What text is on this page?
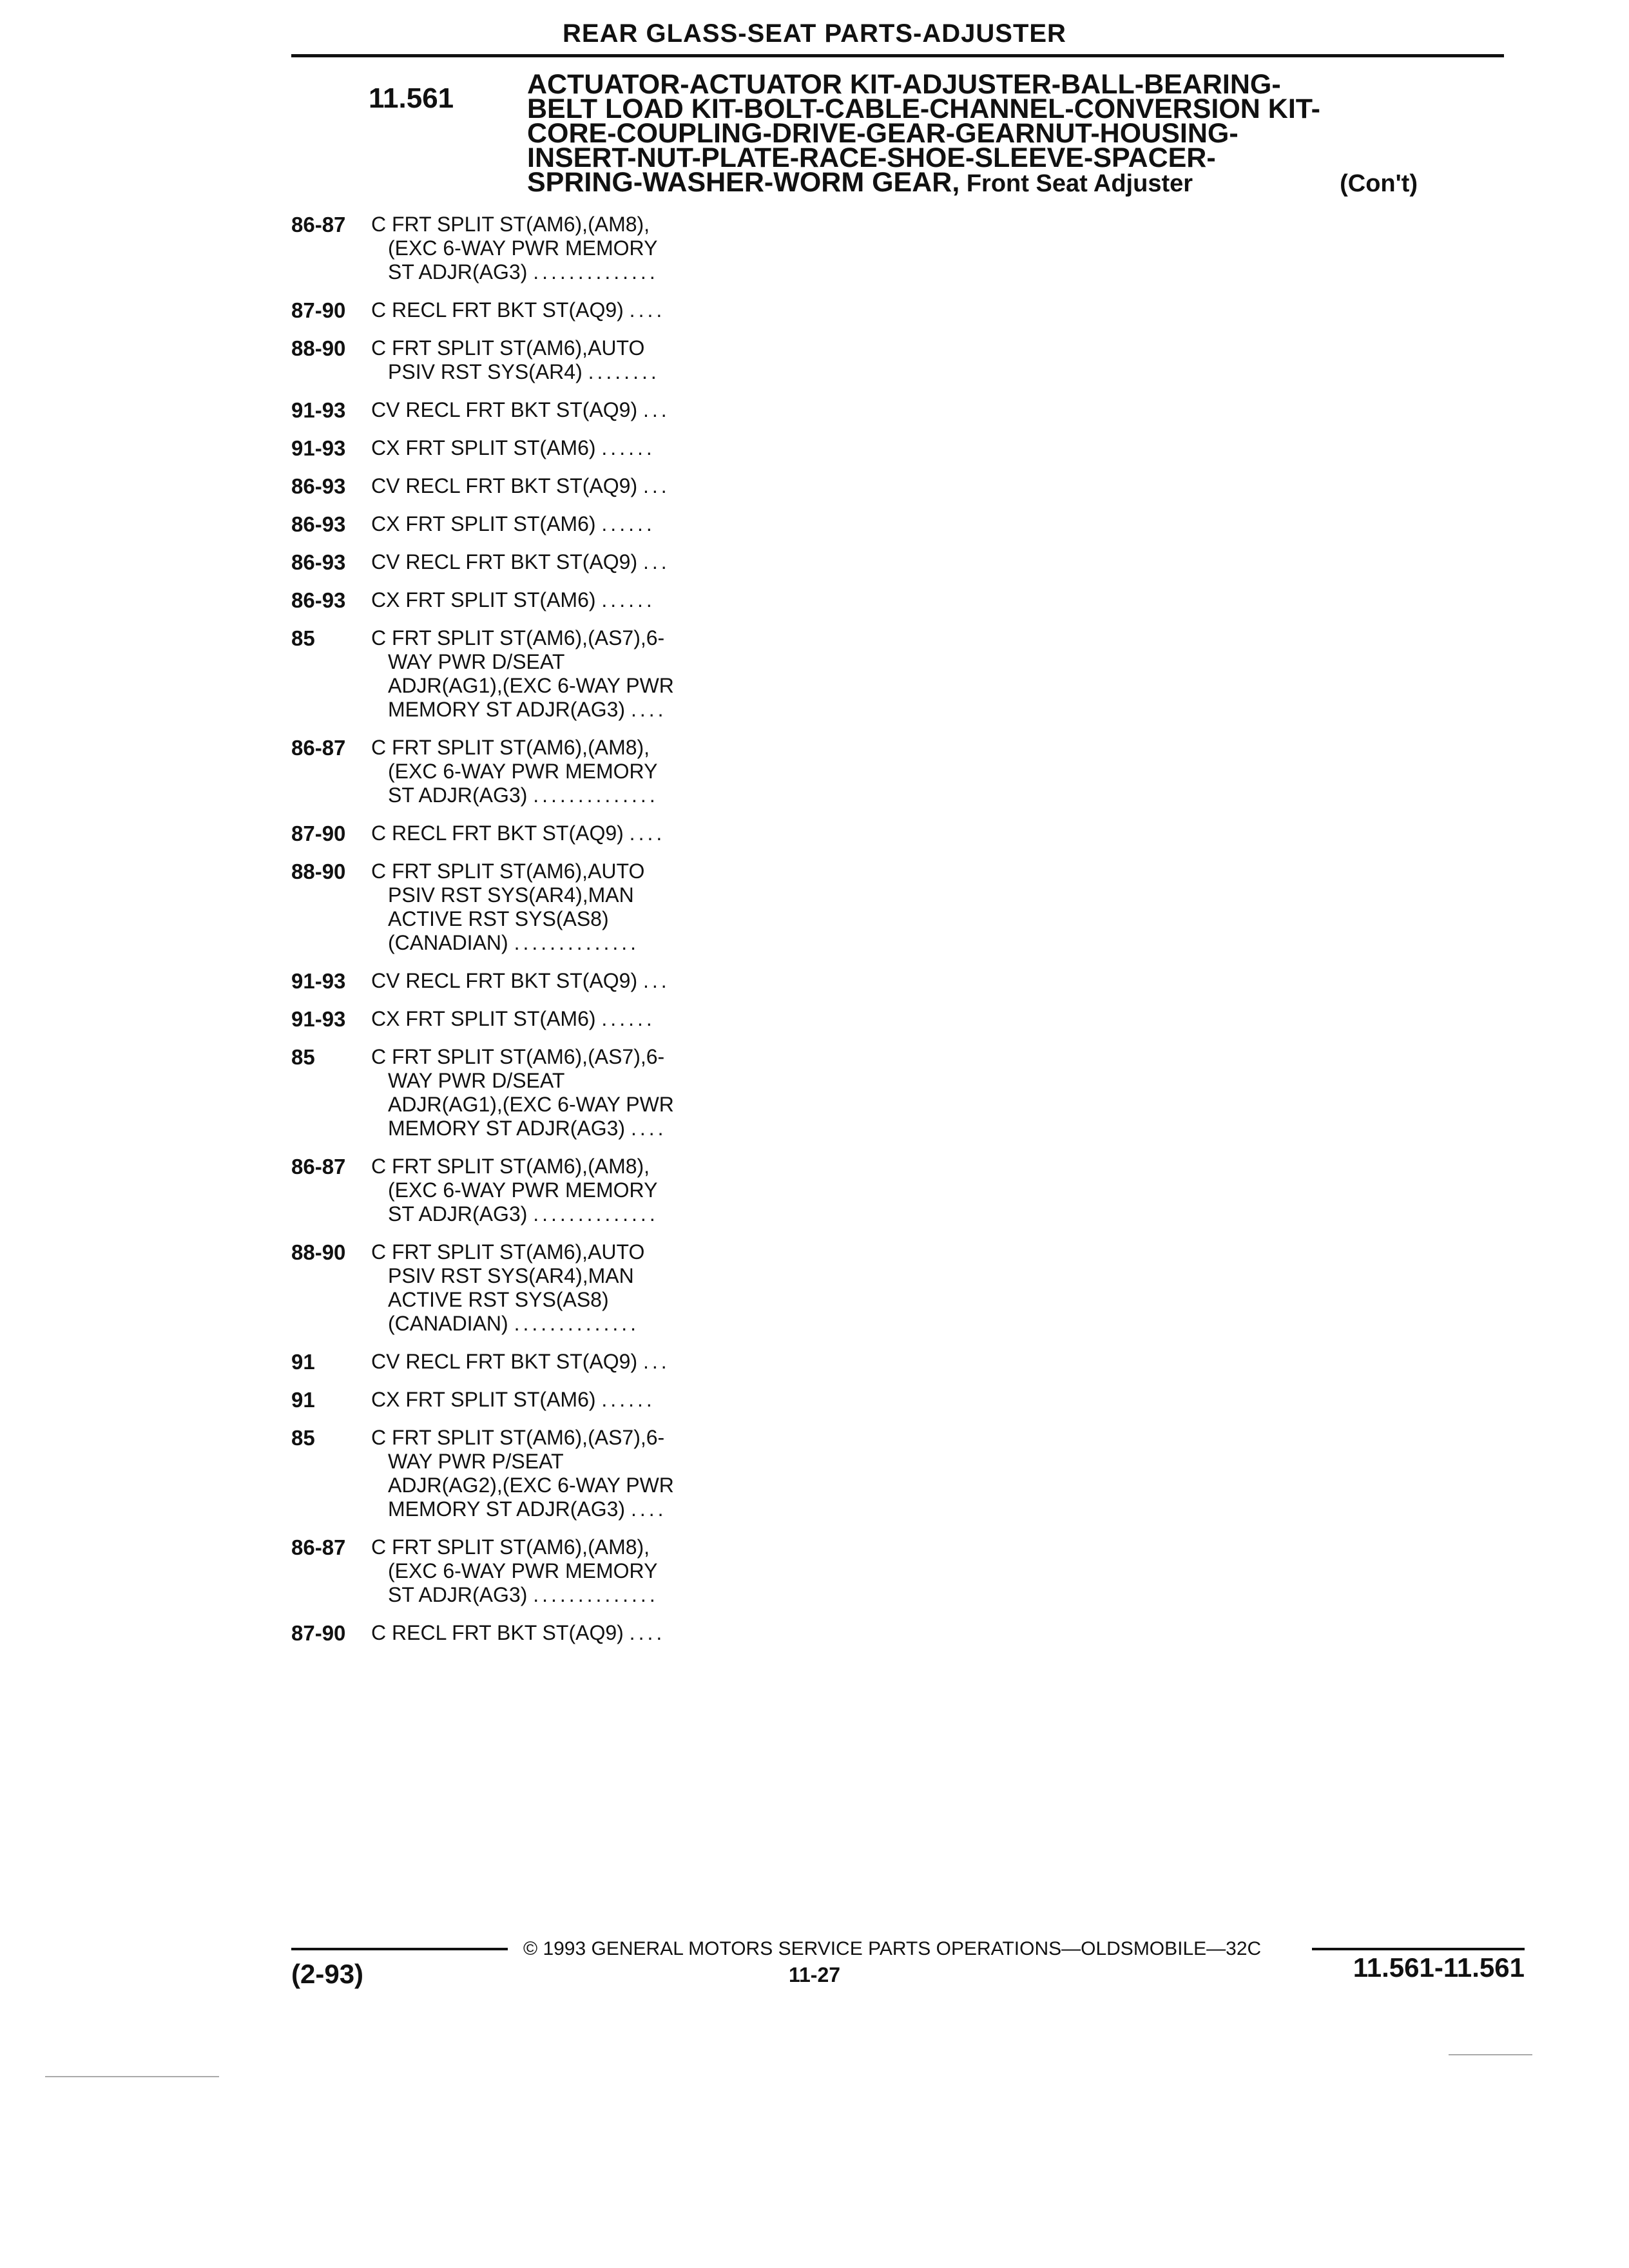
REAR GLASS-SEAT PARTS-ADJUSTER
11.561	ACTUATOR-ACTUATOR KIT-ADJUSTER-BALL-BEARING-
BELT LOAD KIT-BOLT-CABLE-CHANNEL-CONVERSION KIT-
CORE-COUPLING-DRIVE-GEAR-GEARNUT-HOUSING-
INSERT-NUT-PLATE-RACE-SHOE-SLEEVE-SPACER-
SPRING-WASHER-WORM GEAR, Front Seat Adjuster	(Con't)
86-87	C FRT SPLIT ST(AM6),(AM8),
(EXC 6-WAY PWR MEMORY
ST ADJR(AG3) ..............
87-90	C RECL FRT BKT ST(AQ9) ....
88-90	C FRT SPLIT ST(AM6),AUTO
PSIV RST SYS(AR4) ........
91-93	CV RECL FRT BKT ST(AQ9) ...
91-93	CX FRT SPLIT ST(AM6) ......
86-93	CV RECL FRT BKT ST(AQ9) ...
86-93	CX FRT SPLIT ST(AM6) ......
86-93	CV RECL FRT BKT ST(AQ9) ...
86-93	CX FRT SPLIT ST(AM6) ......
85	C FRT SPLIT ST(AM6),(AS7),6-
WAY PWR D/SEAT
ADJR(AG1),(EXC 6-WAY PWR
MEMORY ST ADJR(AG3) ....
86-87	C FRT SPLIT ST(AM6),(AM8),
(EXC 6-WAY PWR MEMORY
ST ADJR(AG3) ..............
87-90	C RECL FRT BKT ST(AQ9) ....
88-90	C FRT SPLIT ST(AM6),AUTO
PSIV RST SYS(AR4),MAN
ACTIVE RST SYS(AS8)
(CANADIAN) ..............
91-93	CV RECL FRT BKT ST(AQ9) ...
91-93	CX FRT SPLIT ST(AM6) ......
85	C FRT SPLIT ST(AM6),(AS7),6-
WAY PWR D/SEAT
ADJR(AG1),(EXC 6-WAY PWR
MEMORY ST ADJR(AG3) ....
86-87	C FRT SPLIT ST(AM6),(AM8),
(EXC 6-WAY PWR MEMORY
ST ADJR(AG3) ..............
88-90	C FRT SPLIT ST(AM6),AUTO
PSIV RST SYS(AR4),MAN
ACTIVE RST SYS(AS8)
(CANADIAN) ..............
91	CV RECL FRT BKT ST(AQ9) ...
91	CX FRT SPLIT ST(AM6) ......
85	C FRT SPLIT ST(AM6),(AS7),6-
WAY PWR P/SEAT
ADJR(AG2),(EXC 6-WAY PWR
MEMORY ST ADJR(AG3) ....
86-87	C FRT SPLIT ST(AM6),(AM8),
(EXC 6-WAY PWR MEMORY
ST ADJR(AG3) ..............
87-90	C RECL FRT BKT ST(AQ9) ....
© 1993 GENERAL MOTORS SERVICE PARTS OPERATIONS—OLDSMOBILE—32C
(2-93)	11-27	11.561-11.561
